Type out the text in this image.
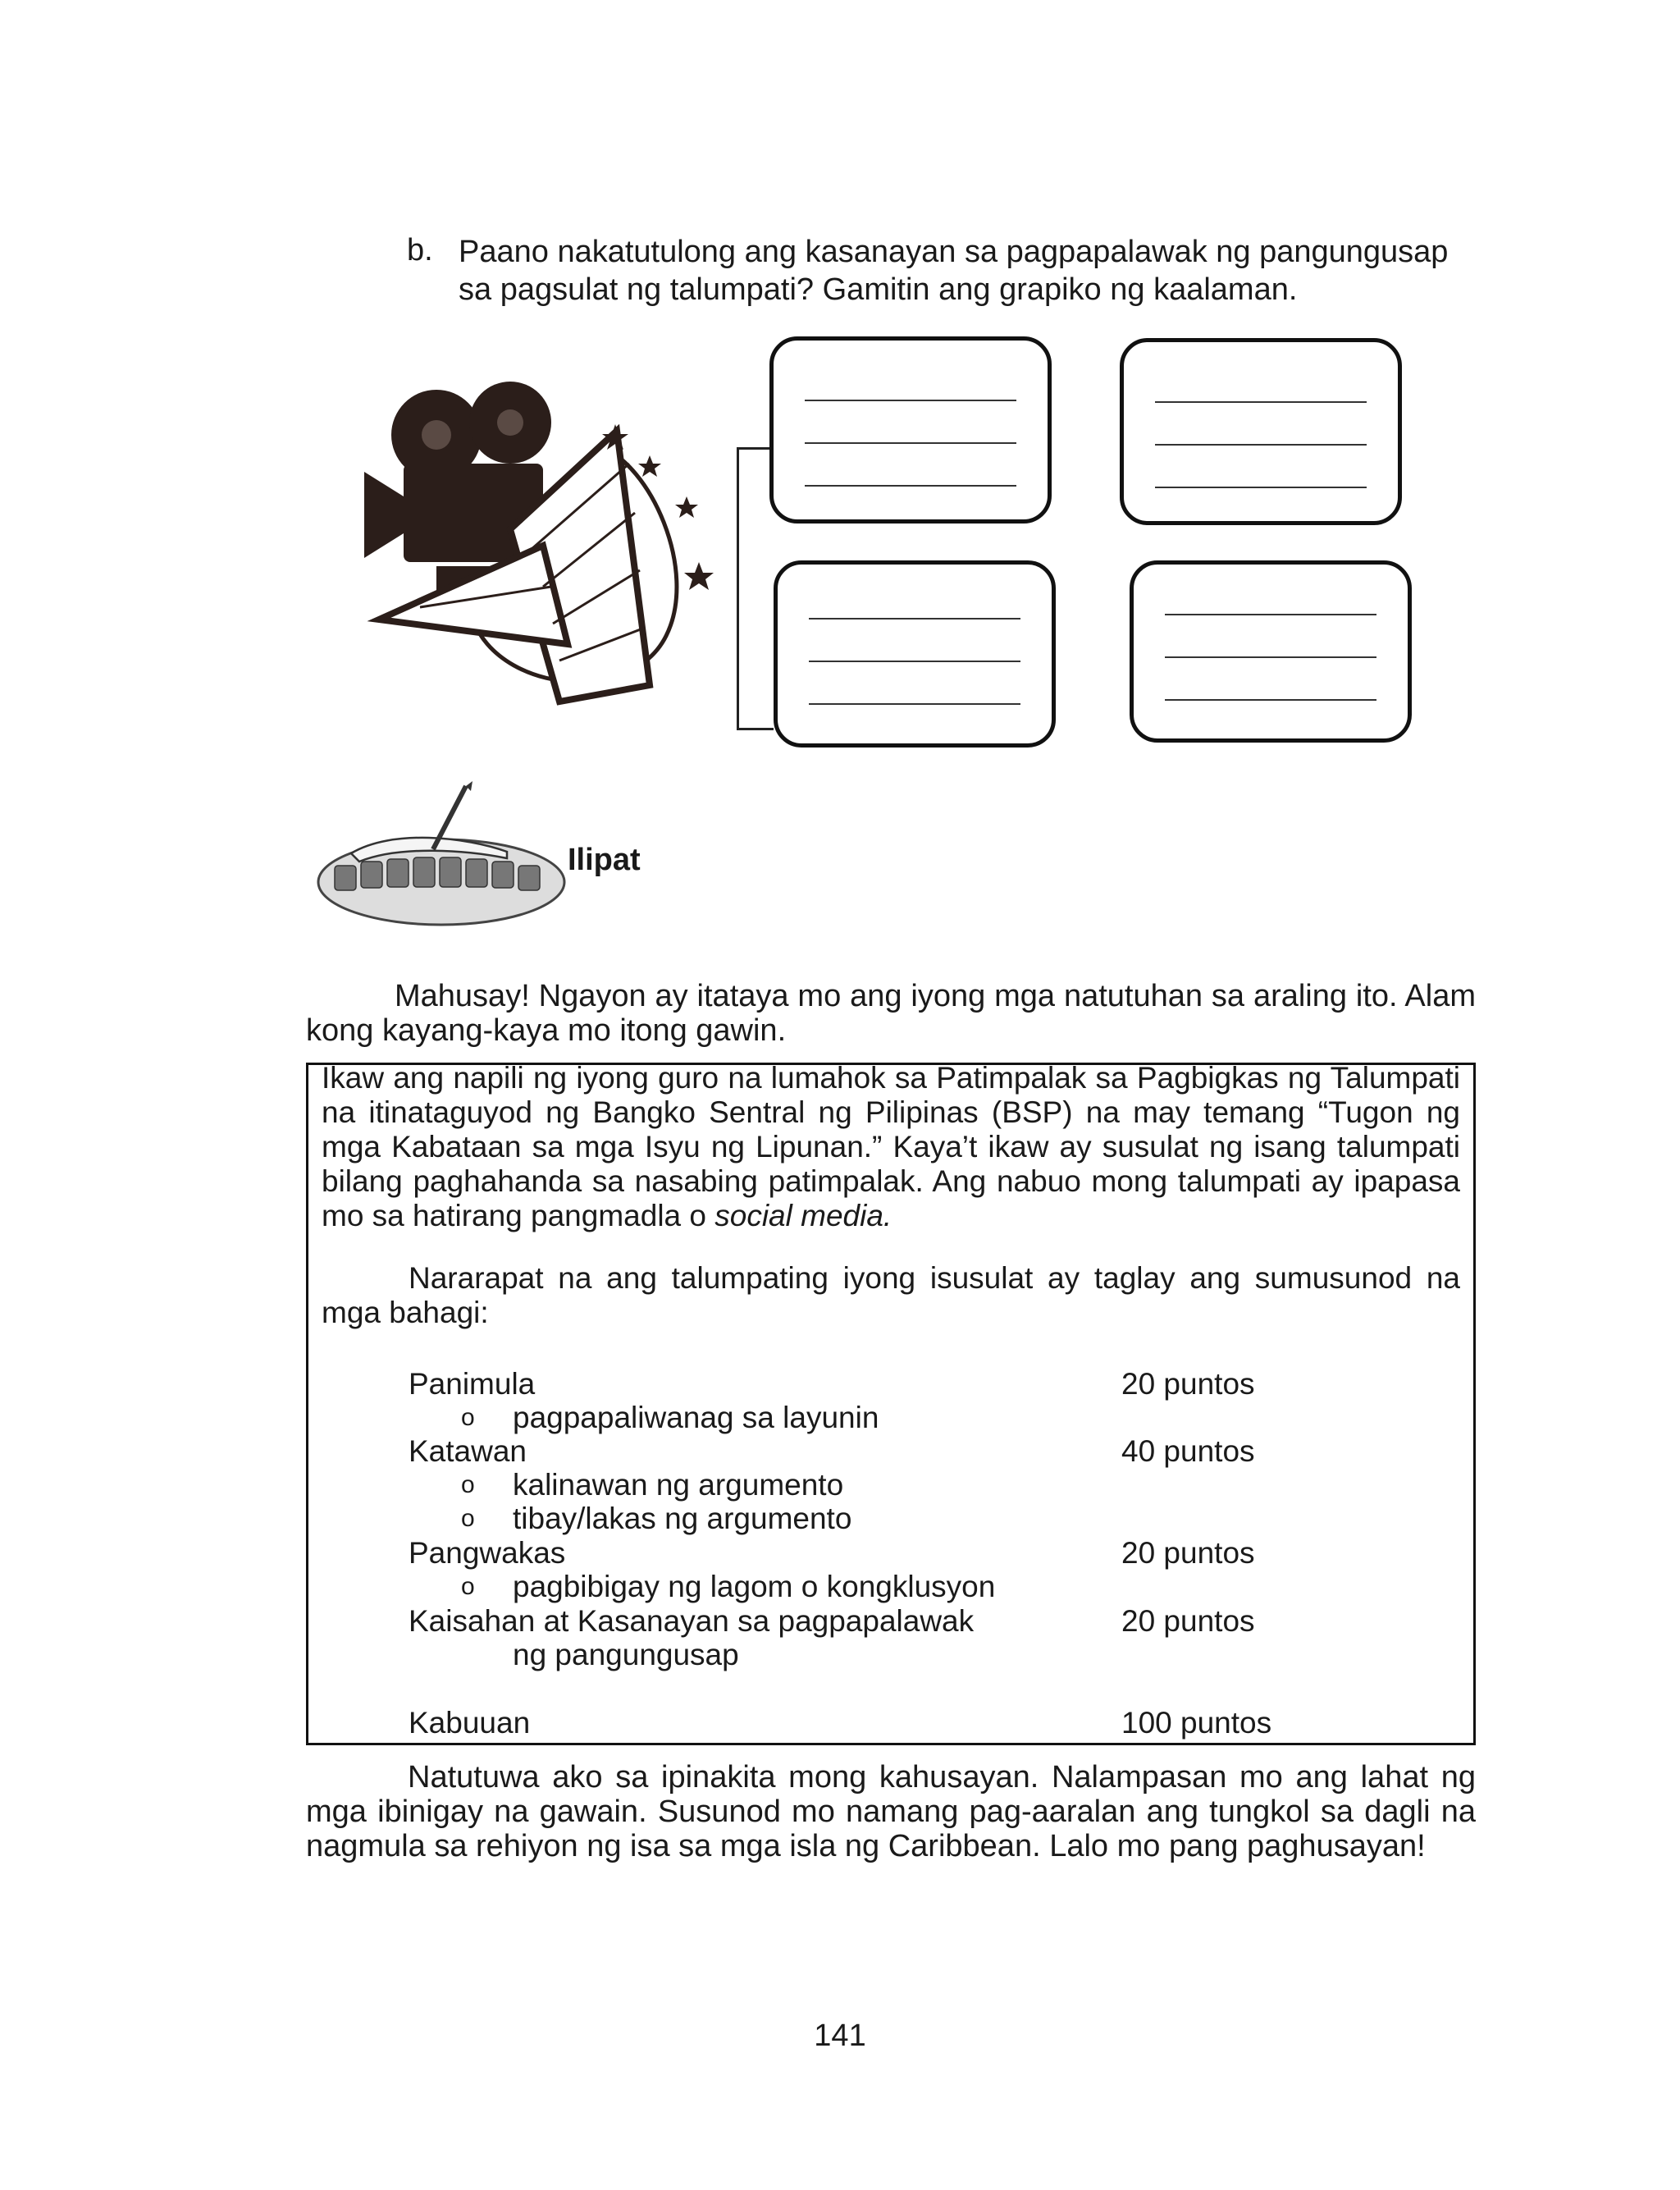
b. Paano nakatutulong ang kasanayan sa pagpapalawak ng pangungusap sa pagsulat ng talumpati? Gamitin ang grapiko ng kaalaman.
Ilipat
Mahusay! Ngayon ay itataya mo ang iyong mga natutuhan sa araling ito. Alam kong kayang-kaya mo itong gawin.
Ikaw ang napili ng iyong guro na lumahok sa Patimpalak sa Pagbigkas ng Talumpati na itinataguyod ng Bangko Sentral ng Pilipinas (BSP) na may temang “Tugon ng mga Kabataan sa mga Isyu ng Lipunan.” Kaya’t ikaw ay susulat ng isang talumpati bilang paghahanda sa nasabing patimpalak. Ang nabuo mong talumpati ay ipapasa mo sa hatirang pangmadla o social media.
Nararapat na ang talumpating iyong isusulat ay taglay ang sumusunod na mga bahagi:
Panimula	20 puntos
o pagpapaliwanag sa layunin
Katawan	40 puntos
o kalinawan ng argumento
o tibay/lakas ng argumento
Pangwakas	20 puntos
o pagbibigay ng lagom o kongklusyon
Kaisahan at Kasanayan sa pagpapalawak	20 puntos
ng pangungusap
Kabuuan	100 puntos
Natutuwa ako sa ipinakita mong kahusayan. Nalampasan mo ang lahat ng mga ibinigay na gawain. Susunod mo namang pag-aaralan ang tungkol sa dagli na nagmula sa rehiyon ng isa sa mga isla ng Caribbean. Lalo mo pang paghusayan!
141
